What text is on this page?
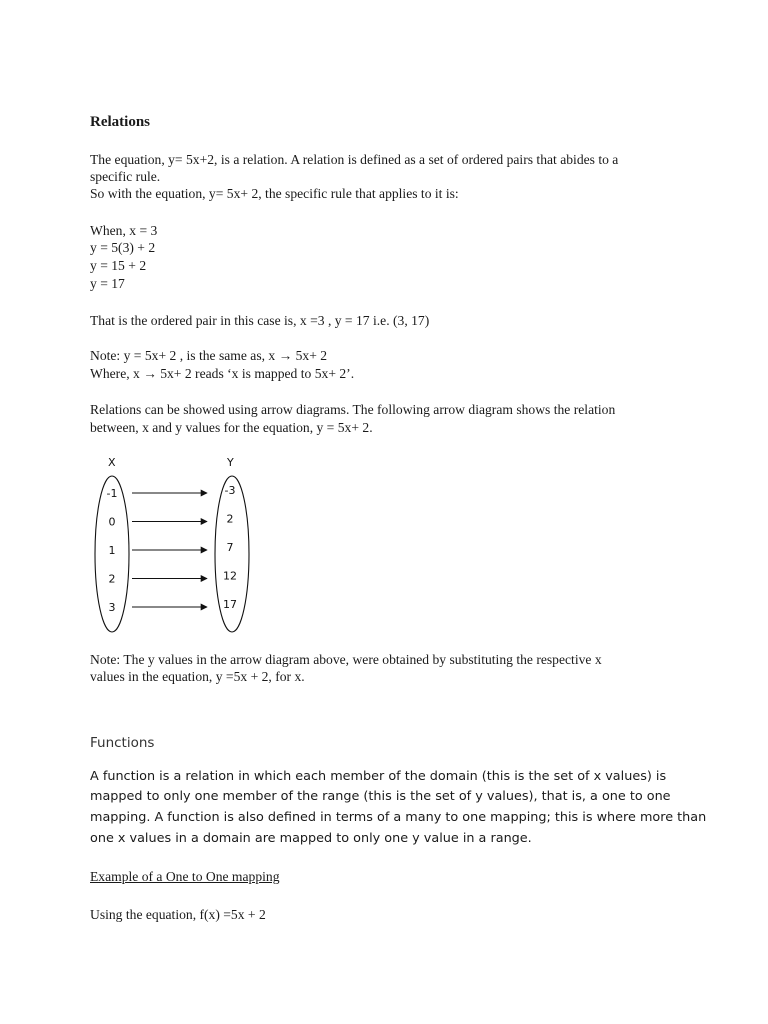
Relations
The equation, y= 5x+2, is a relation. A relation is defined as a set of ordered pairs that abides to a
specific rule.
So with the equation, y= 5x+ 2, the specific rule that applies to it is:
When, x = 3
y = 5(3) + 2
y = 15 + 2
y = 17
That is the ordered pair in this case is, x =3 , y = 17 i.e. (3, 17)
Note: y = 5x+ 2 , is the same as, x → 5x+ 2
Where, x → 5x+ 2 reads ‘x is mapped to 5x+ 2’.
Relations can be showed using arrow diagrams. The following arrow diagram shows the relation
between, x and y values for the equation, y = 5x+ 2.
Note: The y values in the arrow diagram above, were obtained by substituting the respective x
values in the equation, y =5x + 2, for x.
Functions
A function is a relation in which each member of the domain (this is the set of x values) is
mapped to only one member of the range (this is the set of y values), that is, a one to one
mapping. A function is also defined in terms of a many to one mapping; this is where more than
one x values in a domain are mapped to only one y value in a range.
Example of a One to One mapping
Using the equation, f(x) =5x + 2
X	Y
-1	-3
0	2
1	7
2	12
3	17
